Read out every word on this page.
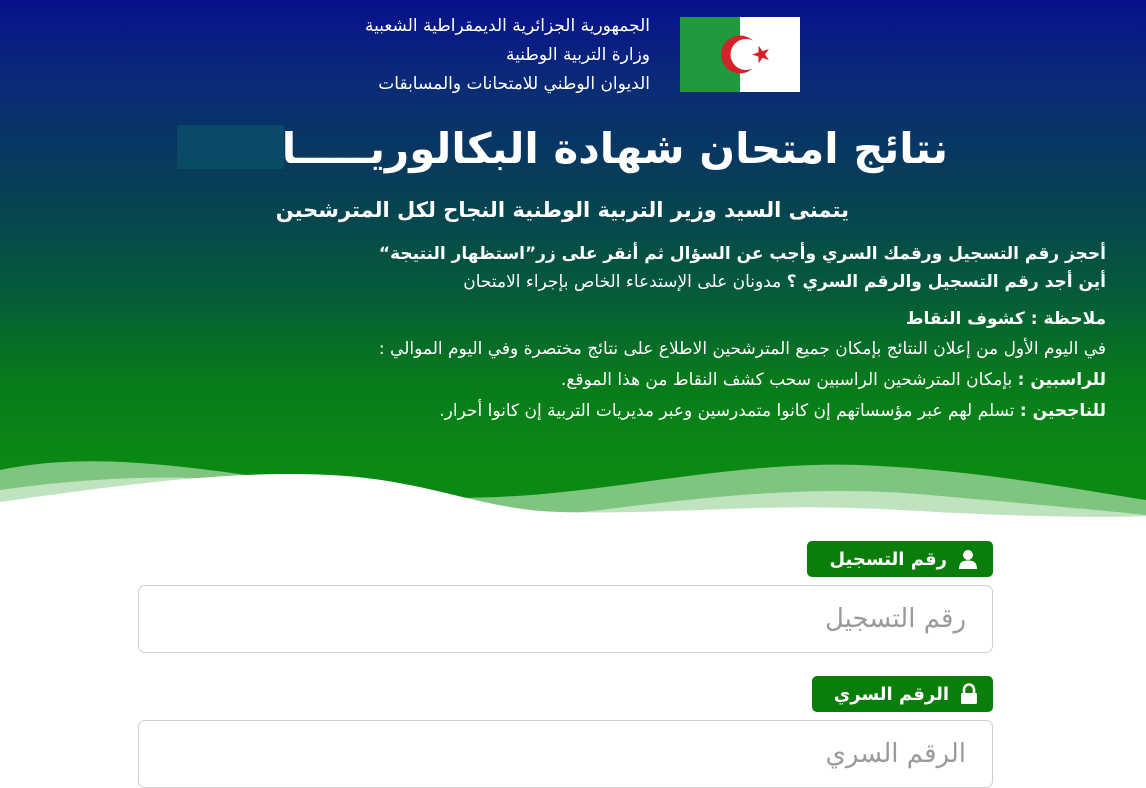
الجمهورية الجزائرية الديمقراطية الشعبية
وزارة التربية الوطنية
الديوان الوطني للامتحانات والمسابقات
نتائج امتحان شهادة البكالوريـــــا
يتمنى السيد وزير التربية الوطنية النجاح لكل المترشحين
أحجز رقم التسجيل ورقمك السري وأجب عن السؤال ثم أنقر على زر”استظهار النتيجة“
أين أجد رقم التسجيل والرقم السري ؟ مدونان على الإستدعاء الخاص بإجراء الامتحان
ملاحظة : كشوف النقاط
في اليوم الأول من إعلان النتائج بإمكان جميع المترشحين الاطلاع على نتائج مختصرة وفي اليوم الموالي :
للراسبين : بإمكان المترشحين الراسبين سحب كشف النقاط من هذا الموقع.
للناجحين : تسلم لهم عبر مؤسساتهم إن كانوا متمدرسين وعبر مديريات التربية إن كانوا أحرار.
رقم التسجيل
رقم التسجيل
الرقم السري
